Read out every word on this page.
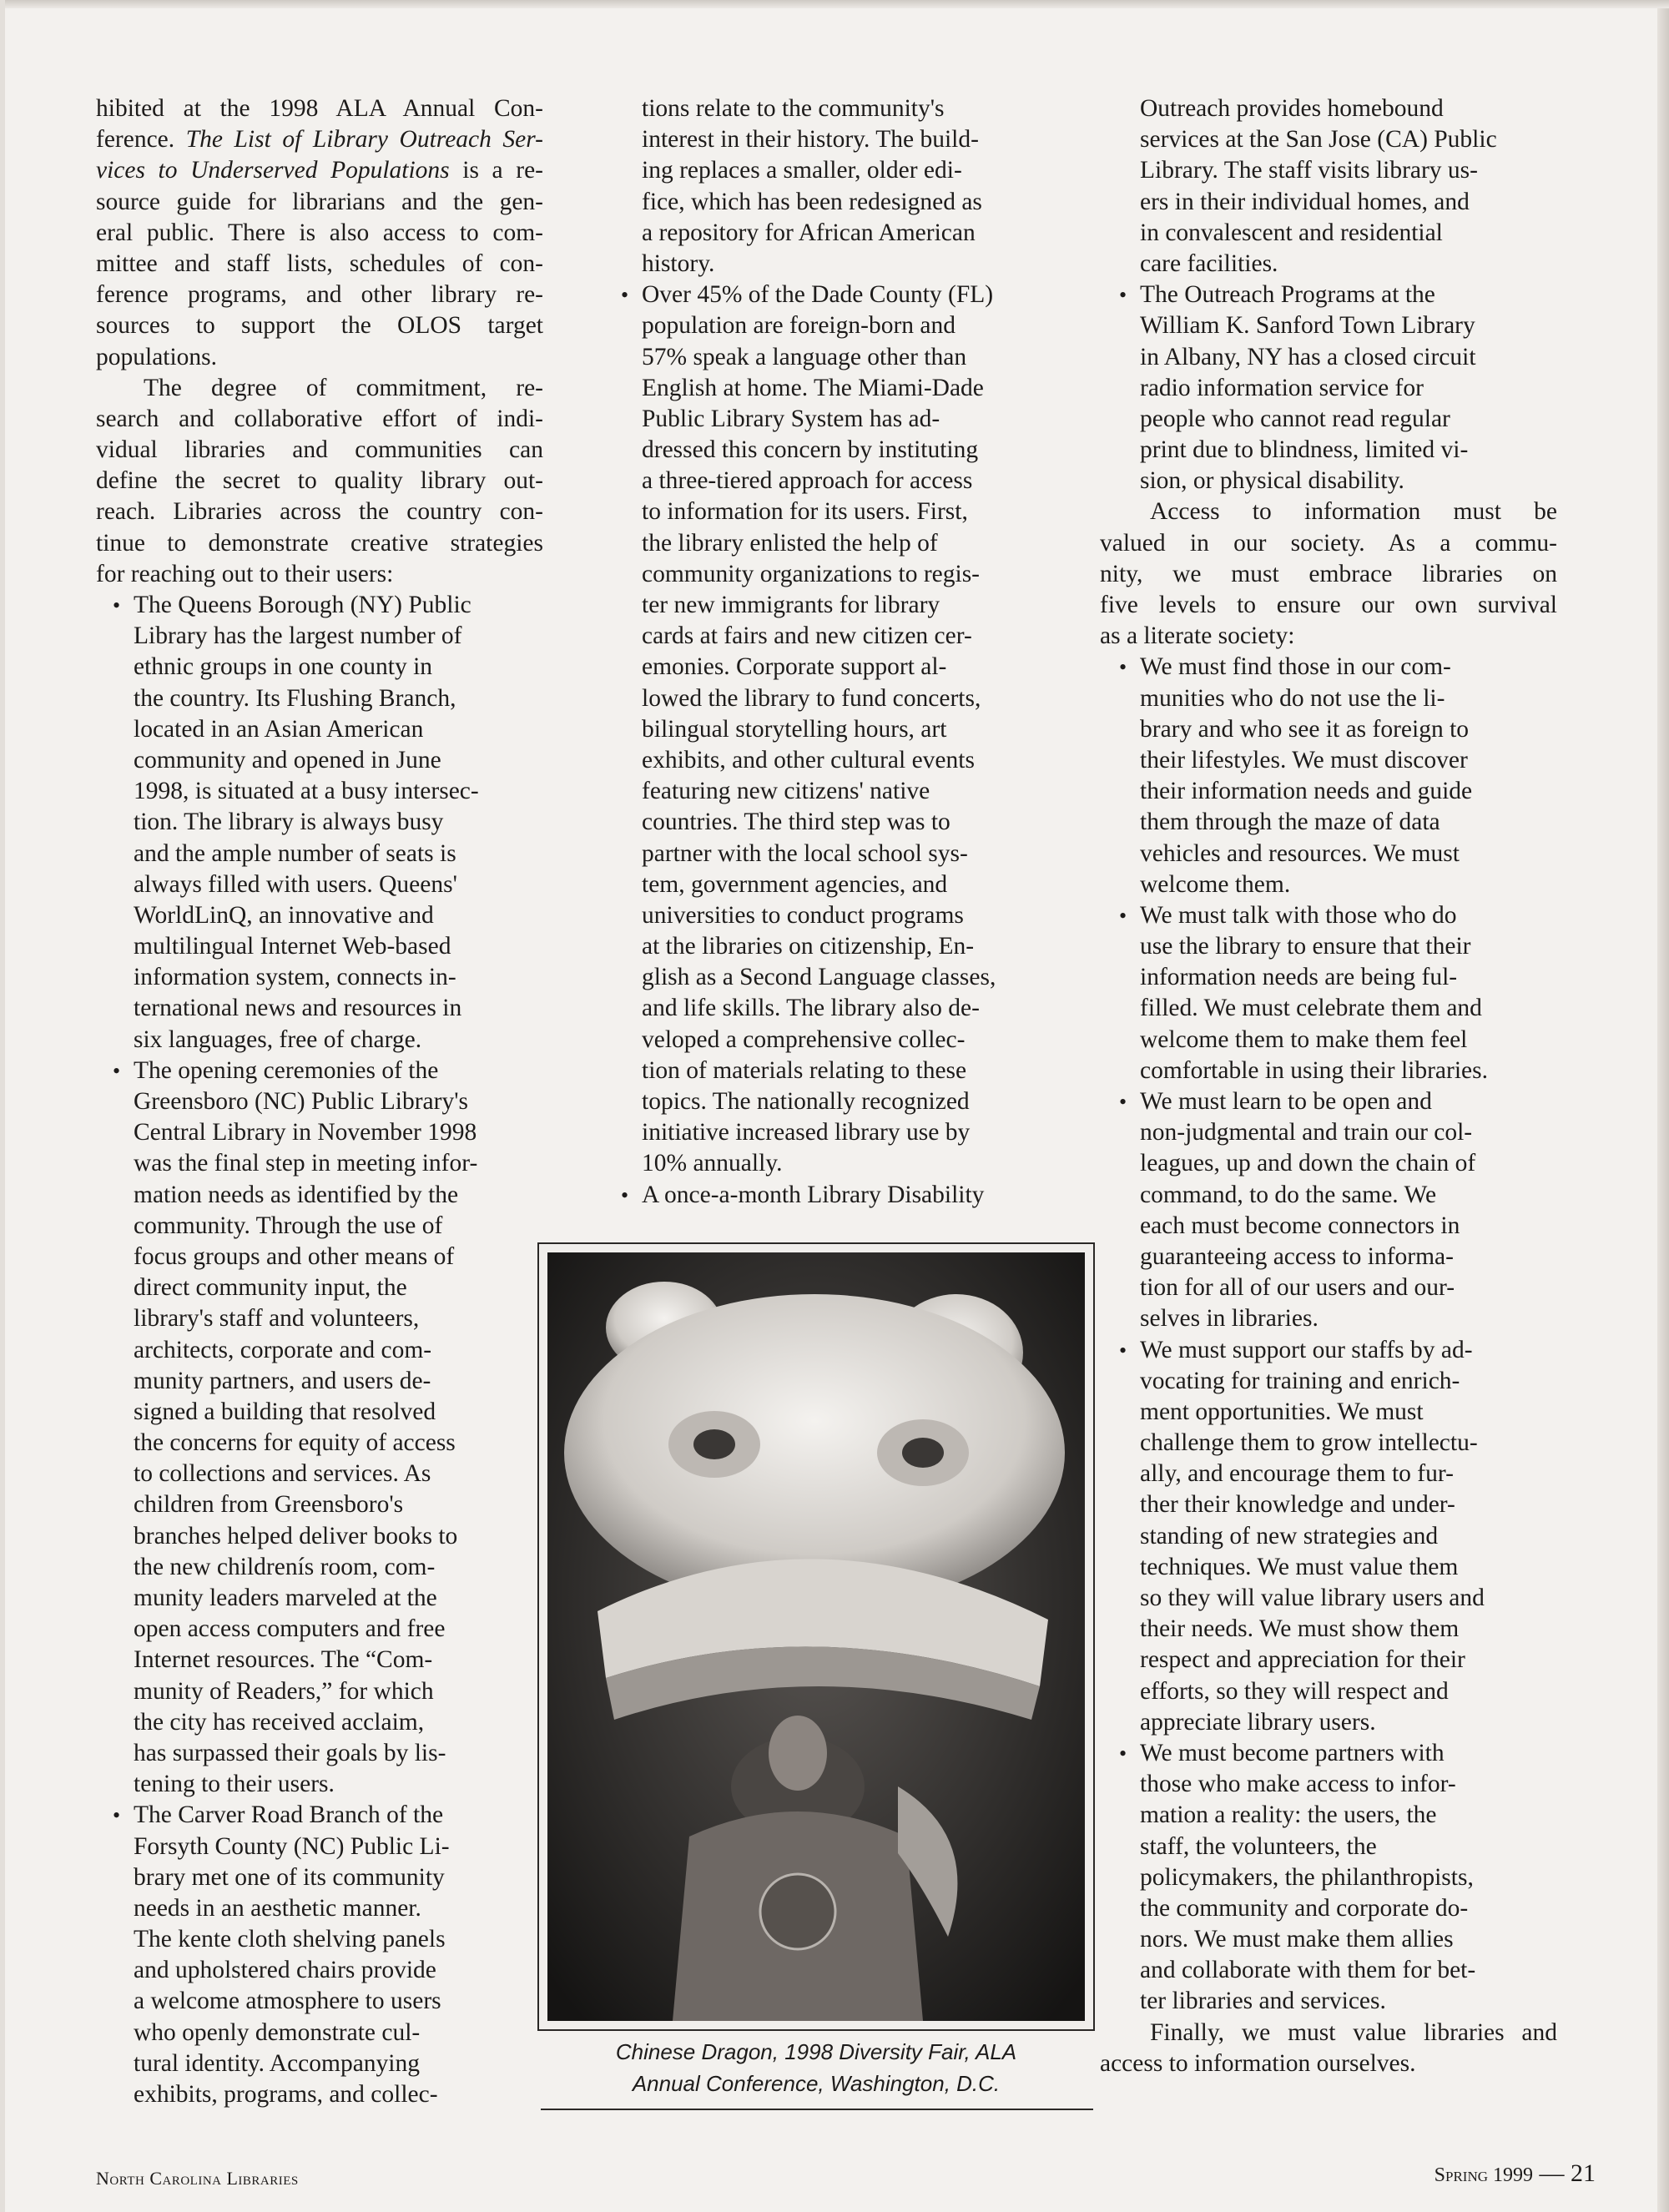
hibited at the 1998 ALA Annual Con-
ference. The List of Library Outreach Ser-
vices to Underserved Populations is a re-
source guide for librarians and the gen-
eral public. There is also access to com-
mittee and staff lists, schedules of con-
ference programs, and other library re-
sources to support the OLOS target
populations.
The degree of commitment, re-
search and collaborative effort of indi-
vidual libraries and communities can
define the secret to quality library out-
reach. Libraries across the country con-
tinue to demonstrate creative strategies
for reaching out to their users:
• The Queens Borough (NY) Public
Library has the largest number of
ethnic groups in one county in
the country. Its Flushing Branch,
located in an Asian American
community and opened in June
1998, is situated at a busy intersec-
tion. The library is always busy
and the ample number of seats is
always filled with users. Queens'
WorldLinQ, an innovative and
multilingual Internet Web-based
information system, connects in-
ternational news and resources in
six languages, free of charge.
• The opening ceremonies of the
Greensboro (NC) Public Library's
Central Library in November 1998
was the final step in meeting infor-
mation needs as identified by the
community. Through the use of
focus groups and other means of
direct community input, the
library's staff and volunteers,
architects, corporate and com-
munity partners, and users de-
signed a building that resolved
the concerns for equity of access
to collections and services. As
children from Greensboro's
branches helped deliver books to
the new childrenís room, com-
munity leaders marveled at the
open access computers and free
Internet resources. The “Com-
munity of Readers,” for which
the city has received acclaim,
has surpassed their goals by lis-
tening to their users.
• The Carver Road Branch of the
Forsyth County (NC) Public Li-
brary met one of its community
needs in an aesthetic manner.
The kente cloth shelving panels
and upholstered chairs provide
a welcome atmosphere to users
who openly demonstrate cul-
tural identity. Accompanying
exhibits, programs, and collec-
tions relate to the community's
interest in their history. The build-
ing replaces a smaller, older edi-
fice, which has been redesigned as
a repository for African American
history.
• Over 45% of the Dade County (FL)
population are foreign-born and
57% speak a language other than
English at home. The Miami-Dade
Public Library System has ad-
dressed this concern by instituting
a three-tiered approach for access
to information for its users. First,
the library enlisted the help of
community organizations to regis-
ter new immigrants for library
cards at fairs and new citizen cer-
emonies. Corporate support al-
lowed the library to fund concerts,
bilingual storytelling hours, art
exhibits, and other cultural events
featuring new citizens' native
countries. The third step was to
partner with the local school sys-
tem, government agencies, and
universities to conduct programs
at the libraries on citizenship, En-
glish as a Second Language classes,
and life skills. The library also de-
veloped a comprehensive collec-
tion of materials relating to these
topics. The nationally recognized
initiative increased library use by
10% annually.
• A once-a-month Library Disability
Outreach provides homebound
services at the San Jose (CA) Public
Library. The staff visits library us-
ers in their individual homes, and
in convalescent and residential
care facilities.
• The Outreach Programs at the
William K. Sanford Town Library
in Albany, NY has a closed circuit
radio information service for
people who cannot read regular
print due to blindness, limited vi-
sion, or physical disability.
Access to information must be
valued in our society. As a commu-
nity, we must embrace libraries on
five levels to ensure our own survival
as a literate society:
• We must find those in our com-
munities who do not use the li-
brary and who see it as foreign to
their lifestyles. We must discover
their information needs and guide
them through the maze of data
vehicles and resources. We must
welcome them.
• We must talk with those who do
use the library to ensure that their
information needs are being ful-
filled. We must celebrate them and
welcome them to make them feel
comfortable in using their libraries.
• We must learn to be open and
non-judgmental and train our col-
leagues, up and down the chain of
command, to do the same. We
each must become connectors in
guaranteeing access to informa-
tion for all of our users and our-
selves in libraries.
• We must support our staffs by ad-
vocating for training and enrich-
ment opportunities. We must
challenge them to grow intellectu-
ally, and encourage them to fur-
ther their knowledge and under-
standing of new strategies and
techniques. We must value them
so they will value library users and
their needs. We must show them
respect and appreciation for their
efforts, so they will respect and
appreciate library users.
• We must become partners with
those who make access to infor-
mation a reality: the users, the
staff, the volunteers, the
policymakers, the philanthropists,
the community and corporate do-
nors. We must make them allies
and collaborate with them for bet-
ter libraries and services.
Finally, we must value libraries and
access to information ourselves.
Chinese Dragon, 1998 Diversity Fair, ALA
Annual Conference, Washington, D.C.
North Carolina Libraries	Spring 1999 — 21
